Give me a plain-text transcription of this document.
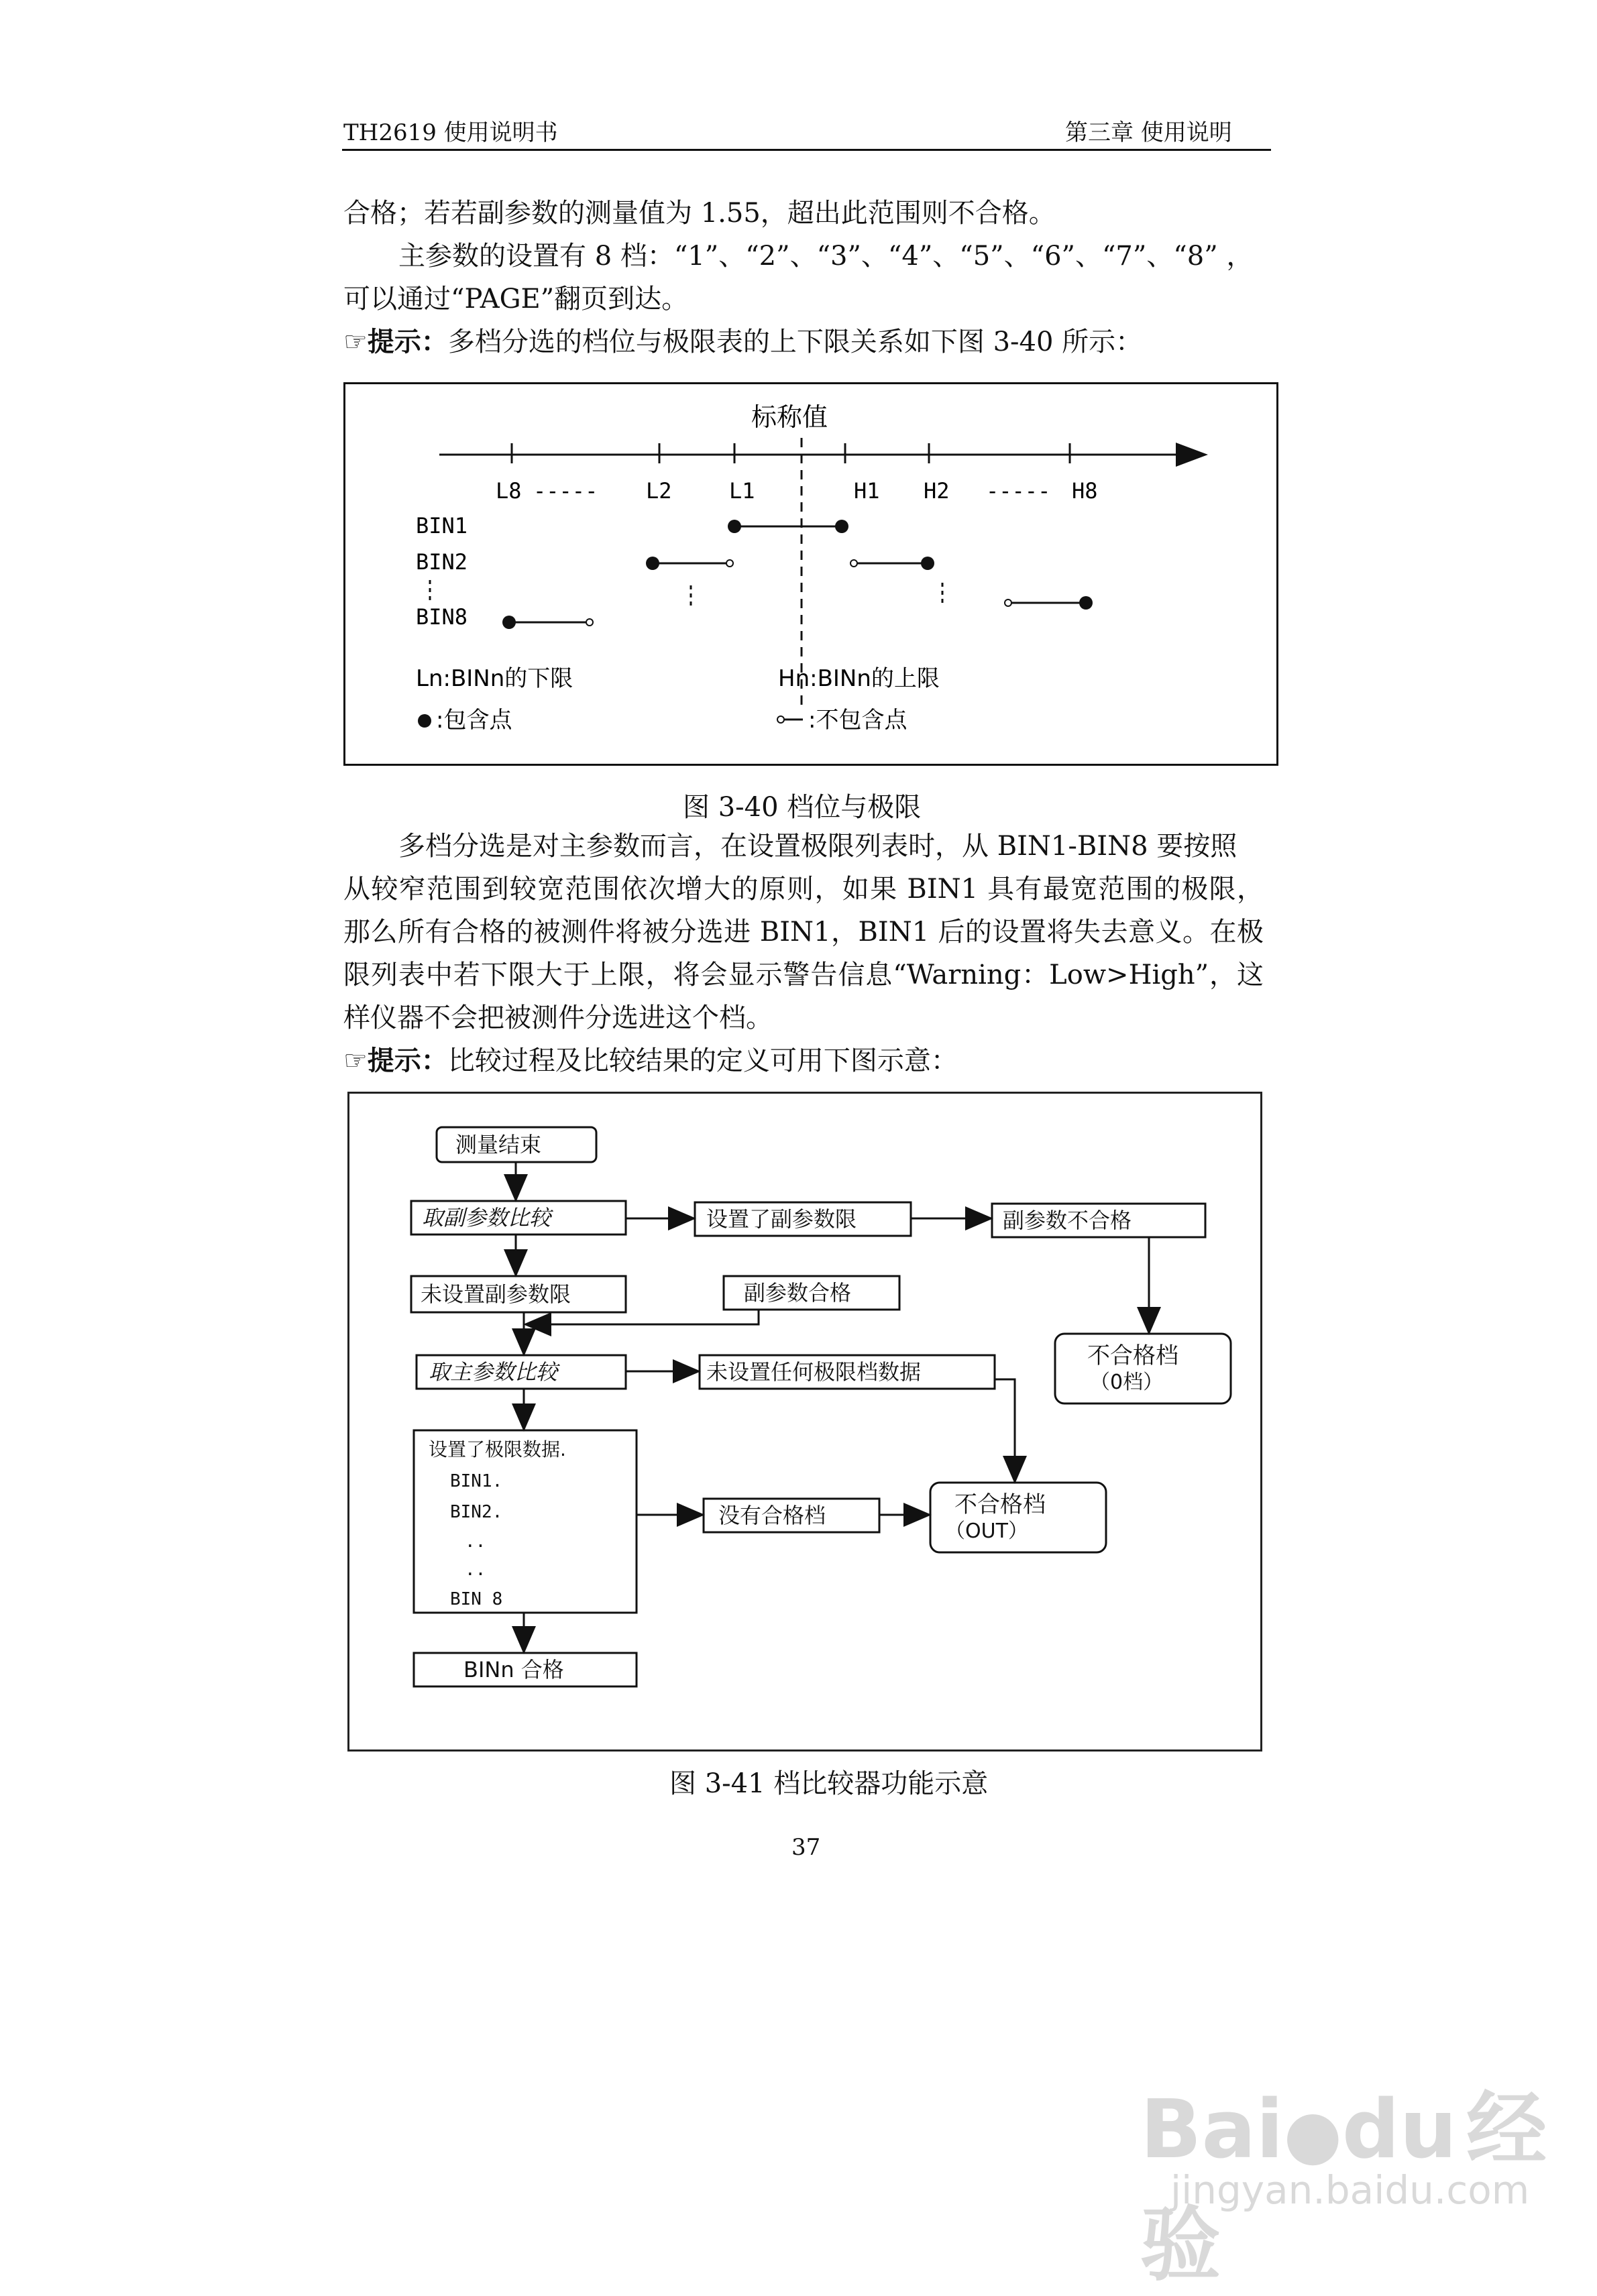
TH2619 使用说明书	第三章 使用说明
合格；若若副参数的测量值为 1.55，超出此范围则不合格。
主参数的设置有 8 档：“1”、“2”、“3”、“4”、“5”、“6”、“7”、“8” ，
可以通过“PAGE”翻页到达。
☞提示：多档分选的档位与极限表的上下限关系如下图 3-40 所示：
标称值
L8 ----- L2	L1	H1 H2 ----- H8
BIN1
BIN2
BIN8
Ln:BINn的下限	Hn:BINn的上限
:包含点	:不包含点
图 3-40 档位与极限
多档分选是对主参数而言，在设置极限列表时，从 BIN1-BIN8 要按照
从较窄范围到较宽范围依次增大的原则，如果 BIN1 具有最宽范围的极限，
那么所有合格的被测件将被分选进 BIN1，BIN1 后的设置将失去意义。在极
限列表中若下限大于上限，将会显示警告信息“Warning：Low>High”，这
样仪器不会把被测件分选进这个档。
☞提示：比较过程及比较结果的定义可用下图示意：
测量结束
取副参数比较	设置了副参数限	副参数不合格
未设置副参数限	副参数合格
不合格档
（0档）
取主参数比较	未设置任何极限档数据
设置了极限数据.
BIN1.
BIN2.
..
..
BIN 8
没有合格档	不合格档
（OUT）
BINn 合格
图 3-41 档比较器功能示意
37
Bai●du 经验
jingyan.baidu.com
